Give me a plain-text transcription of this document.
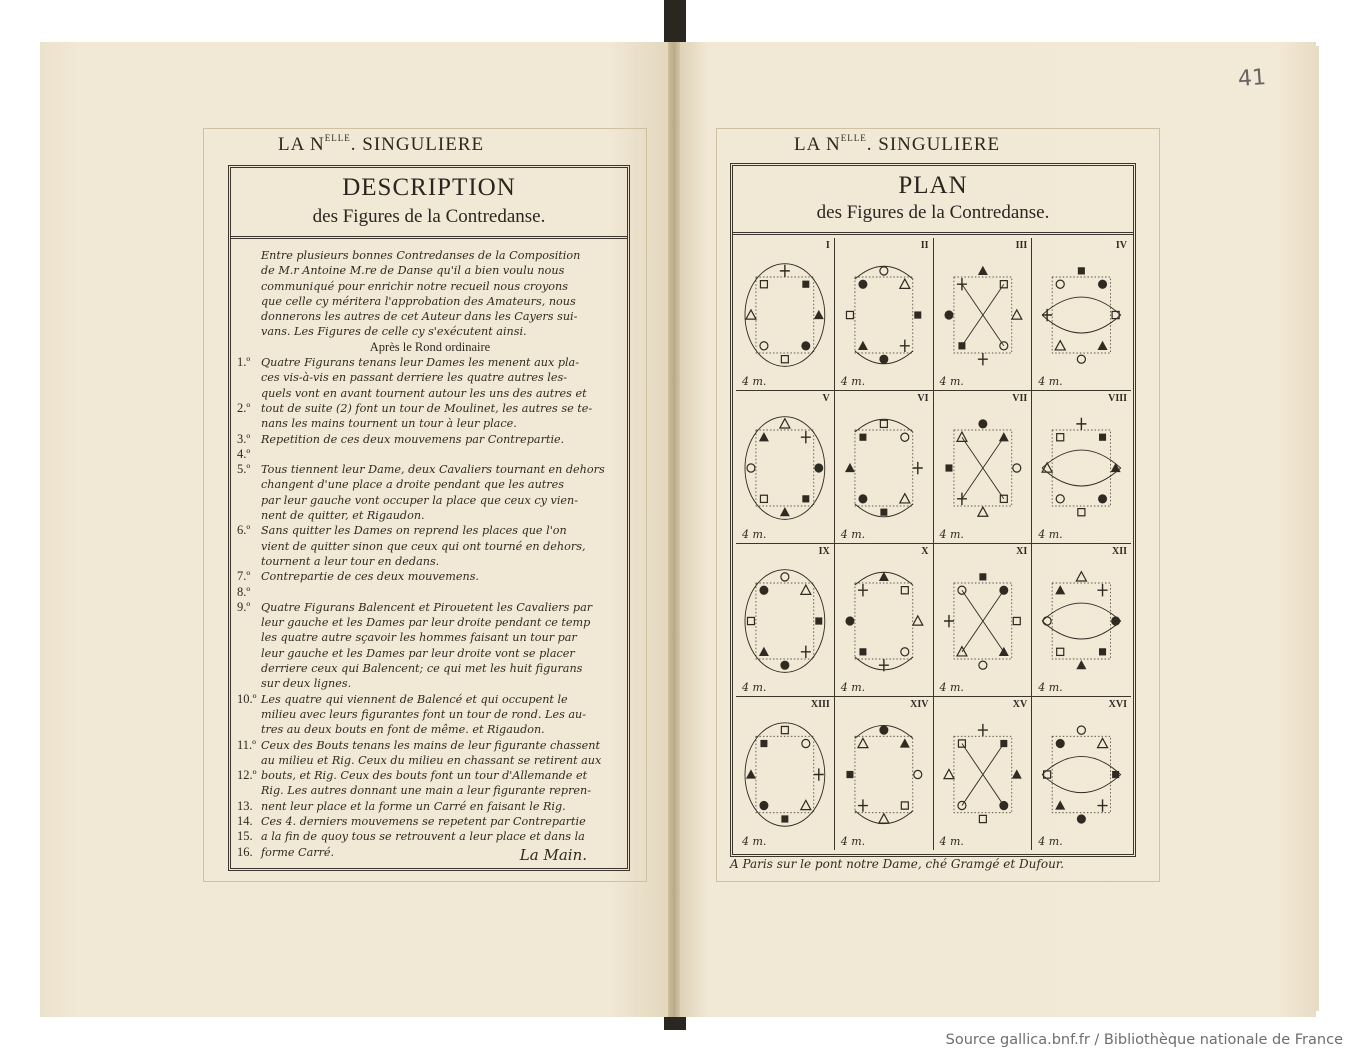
LA $N^{ELLE}$. SINGULIERE
DESCRIPTION
des Figures de la Contredanse.
Entre plusieurs bonnes Contredanses de la Composition
de M.r Antoine M.re de Danse qu'il a bien voulu nous
communiqué pour enrichir notre recueil nous croyons
que celle cy méritera l'approbation des Amateurs, nous
donnerons les autres de cet Auteur dans les Cayers sui-
vans. Les Figures de celle cy s'exécutent ainsi.
Après le Rond ordinaire
1.º Quatre Figurans tenans leur Dames les menent aux pla-
ces vis-à-vis en passant derriere les quatre autres les-
quels vont en avant tournent autour les uns des autres et
2.º tout de suite (2) font un tour de Moulinet, les autres se te-
nans les mains tournent un tour à leur place.
3.º 4.º
Repetition de ces deux mouvemens par Contrepartie.
5.º Tous tiennent leur Dame, deux Cavaliers tournant en dehors
changent d'une place a droite pendant que les autres
par leur gauche vont occuper la place que ceux cy vien-
nent de quitter, et Rigaudon.
6.º Sans quitter les Dames on reprend les places que l'on
vient de quitter sinon que ceux qui ont tourné en dehors,
tournent a leur tour en dedans.
7.º 8.º
Contrepartie de ces deux mouvemens.
9.º Quatre Figurans Balencent et Pirouetent les Cavaliers par
leur gauche et les Dames par leur droite pendant ce temp
les quatre autre sçavoir les hommes faisant un tour par
leur gauche et les Dames par leur droite vont se placer
derriere ceux qui Balencent; ce qui met les huit figurans
sur deux lignes.
10.º Les quatre qui viennent de Balencé et qui occupent le
milieu avec leurs figurantes font un tour de rond. Les au-
tres au deux bouts en font de même. et Rigaudon.
11.º Ceux des Bouts tenans les mains de leur figurante chassent
au milieu et Rig. Ceux du milieu en chassant se retirent aux
12.º bouts, et Rig. Ceux des bouts font un tour d'Allemande et
Rig. Les autres donnant une main a leur figurante repren-
13. nent leur place et la forme un Carré en faisant le Rig.
14. Ces 4. derniers mouvemens se repetent par Contrepartie
15. a la fin de quoy tous se retrouvent a leur place et dans la
16. forme Carré.	La Main.
LA $N^{ELLE}$. SINGULIERE
PLAN
des Figures de la Contredanse.
I
4 m.
II
4 m.
III
4 m.
IV
4 m.
V
4 m.
VI
4 m.
VII
4 m.
VIII
4 m.
IX
4 m.
X
4 m.
XI
4 m.
XII
4 m.
XIII
4 m.
XIV
4 m.
XV
4 m.
XVI
4 m.
A Paris sur le pont notre Dame, ché Gramgé et Dufour.
41
Source gallica.bnf.fr / Bibliothèque nationale de France
